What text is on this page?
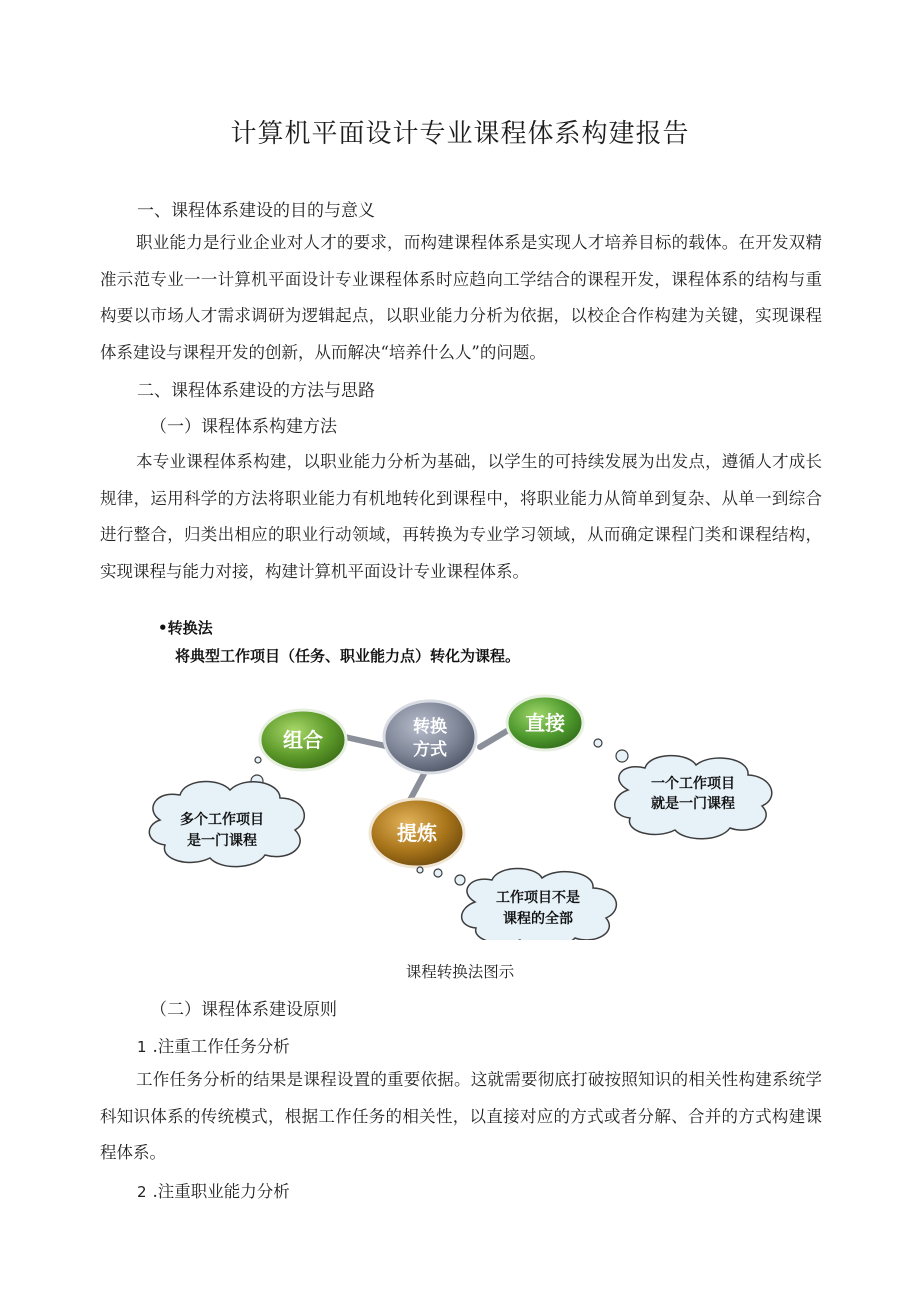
计算机平面设计专业课程体系构建报告
一、课程体系建设的目的与意义
职业能力是行业企业对人才的要求，而构建课程体系是实现人才培养目标的载体。在开发双精准示范专业一一计算机平面设计专业课程体系时应趋向工学结合的课程开发，课程体系的结构与重构要以市场人才需求调研为逻辑起点，以职业能力分析为依据，以校企合作构建为关键，实现课程体系建设与课程开发的创新，从而解决“培养什么人”的问题。
二、课程体系建设的方法与思路
（一）课程体系构建方法
本专业课程体系构建，以职业能力分析为基础，以学生的可持续发展为出发点，遵循人才成长规律，运用科学的方法将职业能力有机地转化到课程中，将职业能力从简单到复杂、从单一到综合进行整合，归类出相应的职业行动领域，再转换为专业学习领域，从而确定课程门类和课程结构，实现课程与能力对接，构建计算机平面设计专业课程体系。
•转换法
将典型工作项目（任务、职业能力点）转化为课程。
转换
方式
组合
直接
提炼
多个工作项目
是一门课程
一个工作项目
就是一门课程
工作项目不是
课程的全部
课程转换法图示
（二）课程体系建设原则
1 .注重工作任务分析
工作任务分析的结果是课程设置的重要依据。这就需要彻底打破按照知识的相关性构建系统学科知识体系的传统模式，根据工作任务的相关性，以直接对应的方式或者分解、合并的方式构建课程体系。
2 .注重职业能力分析
